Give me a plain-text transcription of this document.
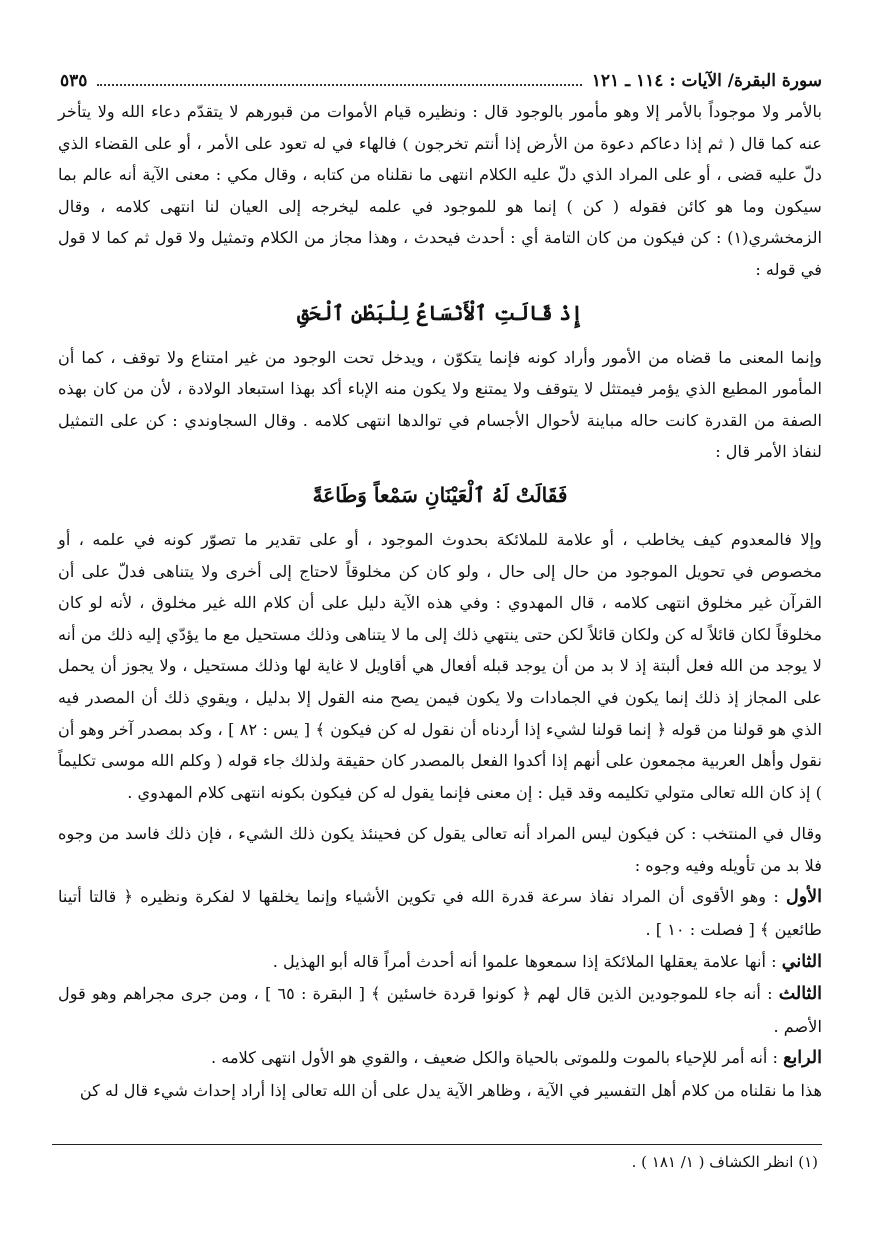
سورة البقرة/ الآيات : ١١٤ ـ ١٢١
٥٣٥

بالأمر ولا موجوداً بالأمر إلا وهو مأمور بالوجود قال : ونظيره قيام الأموات من قبورهم لا يتقدّم دعاء الله ولا يتأخر عنه كما قال ( ثم إذا دعاكم دعوة من الأرض إذا أنتم تخرجون ) فالهاء في له تعود على الأمر ، أو على القضاء الذي دلّ عليه قضى ، أو على المراد الذي دلّ عليه الكلام انتهى ما نقلناه من كتابه ، وقال مكي : معنى الآية أنه عالم بما سيكون وما هو كائن فقوله ( كن ) إنما هو للموجود في علمه ليخرجه إلى العيان لنا انتهى كلامه ، وقال الزمخشري(١) : كن فيكون من كان التامة أي : أحدث فيحدث ، وهذا مجاز من الكلام وتمثيل ولا قول ثم كما لا قول في قوله :

إِذْ قَالَتِ ٱلْأَنْسَاعُ لِلْبَطْنِ ٱلْحَقِ

وإنما المعنى ما قضاه من الأمور وأراد كونه فإنما يتكوّن ، ويدخل تحت الوجود من غير امتناع ولا توقف ، كما أن المأمور المطيع الذي يؤمر فيمتثل لا يتوقف ولا يمتنع ولا يكون منه الإباء أكد بهذا استبعاد الولادة ، لأن من كان بهذه الصفة من القدرة كانت حاله مباينة لأحوال الأجسام في توالدها انتهى كلامه . وقال السجاوندي : كن على التمثيل لنفاذ الأمر قال :

فَقَالَتْ لَهُ ٱلْعَيْنَانِ سَمْعاً وَطَاعَةً

وإلا فالمعدوم كيف يخاطب ، أو علامة للملائكة بحدوث الموجود ، أو على تقدير ما تصوّر كونه في علمه ، أو مخصوص في تحويل الموجود من حال إلى حال ، ولو كان كن مخلوقاً لاحتاج إلى أخرى ولا يتناهى فدلّ على أن القرآن غير مخلوق انتهى كلامه ، قال المهدوي : وفي هذه الآية دليل على أن كلام الله غير مخلوق ، لأنه لو كان مخلوقاً لكان قائلاً له كن ولكان قائلاً لكن حتى ينتهي ذلك إلى ما لا يتناهى وذلك مستحيل مع ما يؤدّي إليه ذلك من أنه لا يوجد من الله فعل ألبتة إذ لا بد من أن يوجد قبله أفعال هي أقاويل لا غاية لها وذلك مستحيل ، ولا يجوز أن يحمل على المجاز إذ ذلك إنما يكون في الجمادات ولا يكون فيمن يصح منه القول إلا بدليل ، ويقوي ذلك أن المصدر فيه الذي هو قولنا من قوله ﴿ إنما قولنا لشيء إذا أردناه أن نقول له كن فيكون ﴾ [ يس : ٨٢ ] ، وكد بمصدر آخر وهو أن نقول وأهل العربية مجمعون على أنهم إذا أكدوا الفعل بالمصدر كان حقيقة ولذلك جاء قوله ( وكلم الله موسى تكليماً ) إذ كان الله تعالى متولي تكليمه وقد قيل : إن معنى فإنما يقول له كن فيكون بكونه انتهى كلام المهدوي .

وقال في المنتخب : كن فيكون ليس المراد أنه تعالى يقول كن فحينئذ يكون ذلك الشيء ، فإن ذلك فاسد من وجوه فلا بد من تأويله وفيه وجوه :

الأول : وهو الأقوى أن المراد نفاذ سرعة قدرة الله في تكوين الأشياء وإنما يخلقها لا لفكرة ونظيره ﴿ قالتا أتينا طائعين ﴾ [ فصلت : ١٠ ] .

الثاني : أنها علامة يعقلها الملائكة إذا سمعوها علموا أنه أحدث أمراً قاله أبو الهذيل .

الثالث : أنه جاء للموجودين الذين قال لهم ﴿ كونوا قردة خاسئين ﴾ [ البقرة : ٦٥ ] ، ومن جرى مجراهم وهو قول الأصم .

الرابع : أنه أمر للإحياء بالموت وللموتى بالحياة والكل ضعيف ، والقوي هو الأول انتهى كلامه .

هذا ما نقلناه من كلام أهل التفسير في الآية ، وظاهر الآية يدل على أن الله تعالى إذا أراد إحداث شيء قال له كن

(١) انظر الكشاف ( ١/ ١٨١ ) .
